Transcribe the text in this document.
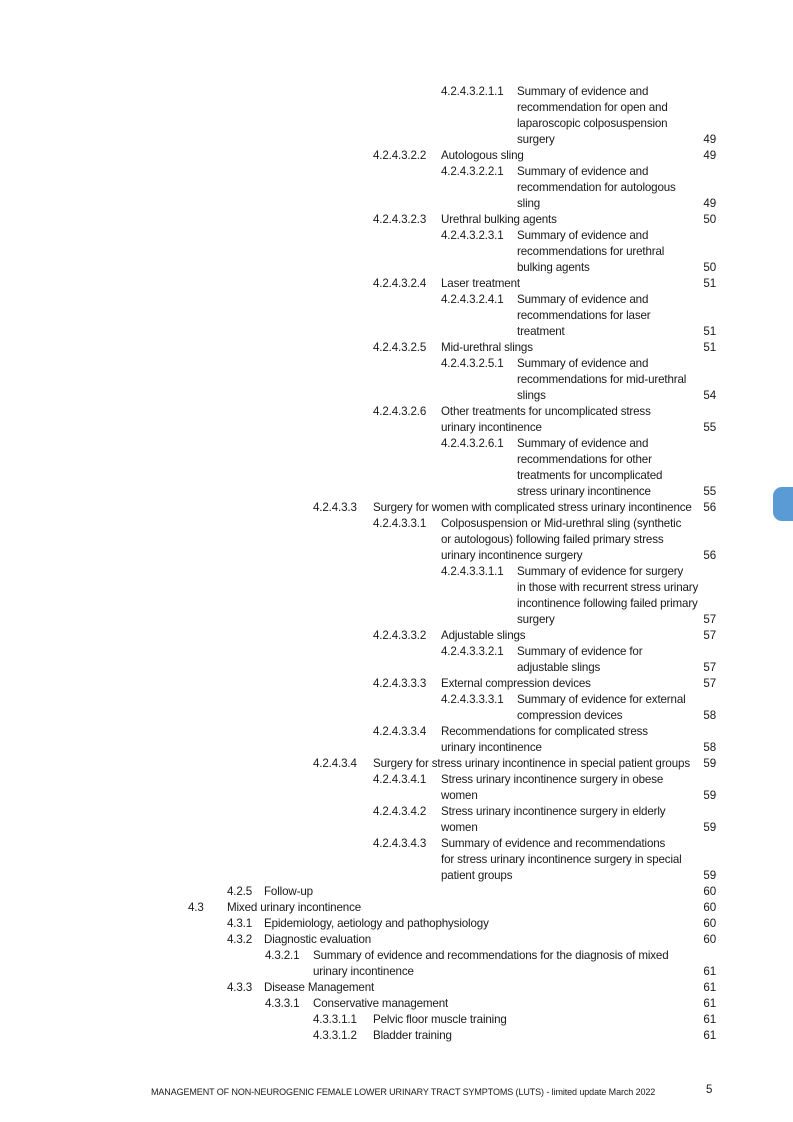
4.2.4.3.2.1.1 Summary of evidence and
recommendation for open and
laparoscopic colposuspension
surgery	49
4.2.4.3.2.2 Autologous sling	49
4.2.4.3.2.2.1 Summary of evidence and
recommendation for autologous
sling	49
4.2.4.3.2.3 Urethral bulking agents	50
4.2.4.3.2.3.1 Summary of evidence and
recommendations for urethral
bulking agents	50
4.2.4.3.2.4 Laser treatment	51
4.2.4.3.2.4.1 Summary of evidence and
recommendations for laser
treatment	51
4.2.4.3.2.5 Mid-urethral slings	51
4.2.4.3.2.5.1 Summary of evidence and
recommendations for mid-urethral
slings	54
4.2.4.3.2.6 Other treatments for uncomplicated stress
urinary incontinence	55
4.2.4.3.2.6.1 Summary of evidence and
recommendations for other
treatments for uncomplicated
stress urinary incontinence	55
4.2.4.3.3 Surgery for women with complicated stress urinary incontinence 56
4.2.4.3.3.1 Colposuspension or Mid-urethral sling (synthetic
or autologous) following failed primary stress
urinary incontinence surgery	56
4.2.4.3.3.1.1 Summary of evidence for surgery
in those with recurrent stress urinary
incontinence following failed primary
surgery	57
4.2.4.3.3.2 Adjustable slings	57
4.2.4.3.3.2.1 Summary of evidence for
adjustable slings	57
4.2.4.3.3.3 External compression devices	57
4.2.4.3.3.3.1 Summary of evidence for external
compression devices	58
4.2.4.3.3.4 Recommendations for complicated stress
urinary incontinence	58
4.2.4.3.4 Surgery for stress urinary incontinence in special patient groups 59
4.2.4.3.4.1 Stress urinary incontinence surgery in obese
women	59
4.2.4.3.4.2 Stress urinary incontinence surgery in elderly
women	59
4.2.4.3.4.3 Summary of evidence and recommendations
for stress urinary incontinence surgery in special
patient groups	59
4.2.5 Follow-up	60
4.3 Mixed urinary incontinence	60
4.3.1 Epidemiology, aetiology and pathophysiology	60
4.3.2 Diagnostic evaluation	60
4.3.2.1 Summary of evidence and recommendations for the diagnosis of mixed
urinary incontinence	61
4.3.3 Disease Management	61
4.3.3.1 Conservative management	61
4.3.3.1.1 Pelvic floor muscle training	61
4.3.3.1.2 Bladder training	61
MANAGEMENT OF NON-NEUROGENIC FEMALE LOWER URINARY TRACT SYMPTOMS (LUTS) - limited update March 2022	5
